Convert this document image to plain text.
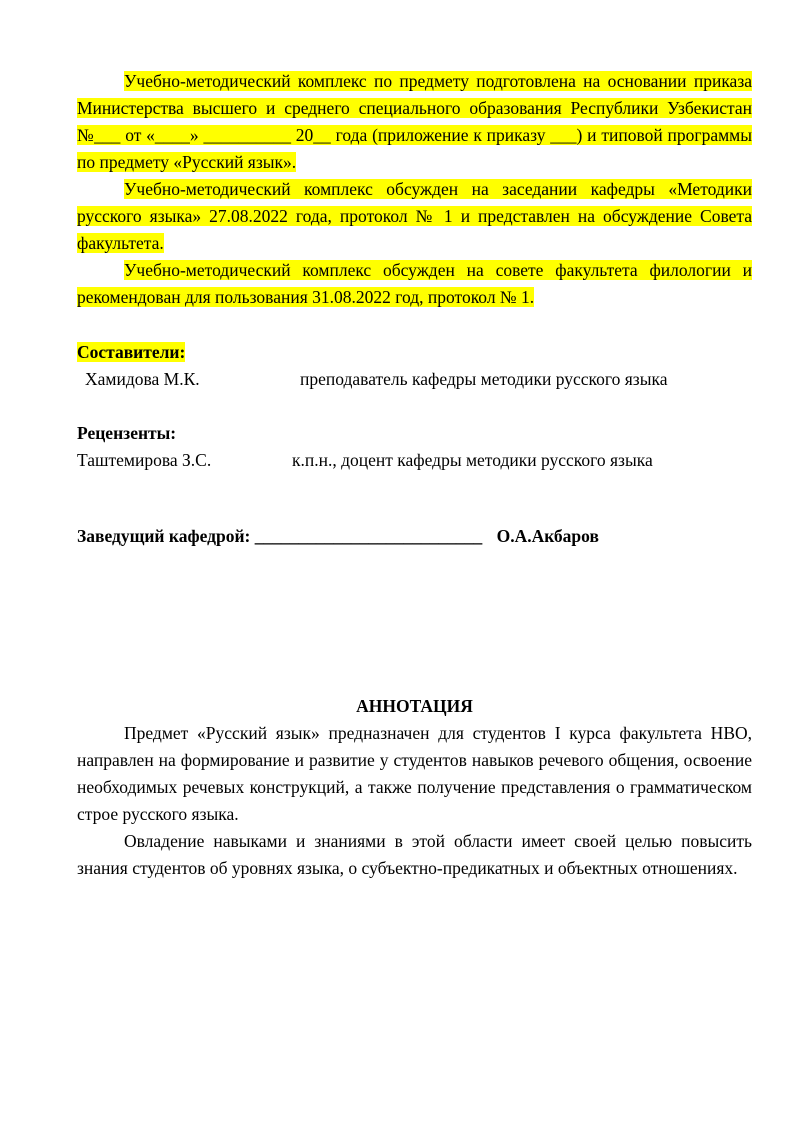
Учебно-методический комплекс по предмету подготовлена на основании приказа Министерства высшего и среднего специального образования Республики Узбекистан №___ от «____» __________ 20__ года (приложение к приказу ___) и типовой программы по предмету «Русский язык».

Учебно-методический комплекс обсужден на заседании кафедры «Методики русского языка» 27.08.2022 года, протокол № 1 и представлен на обсуждение Совета факультета.

Учебно-методический комплекс обсужден на совете факультета филологии и рекомендован для пользования 31.08.2022 год, протокол № 1.

Составители:
Хамидова М.К.	преподаватель кафедры методики русского языка
Рецензенты:
Таштемирова З.С.	к.п.н., доцент кафедры методики русского языка
Заведущий кафедрой: __________________________ О.А.Акбаров
АННОТАЦИЯ

Предмет «Русский язык» предназначен для студентов I курса факультета НВО, направлен на формирование и развитие у студентов навыков речевого общения, освоение необходимых речевых конструкций, а также получение представления о грамматическом строе русского языка.

Овладение навыками и знаниями в этой области имеет своей целью повысить знания студентов об уровнях языка, о субъектно-предикатных и объектных отношениях.
